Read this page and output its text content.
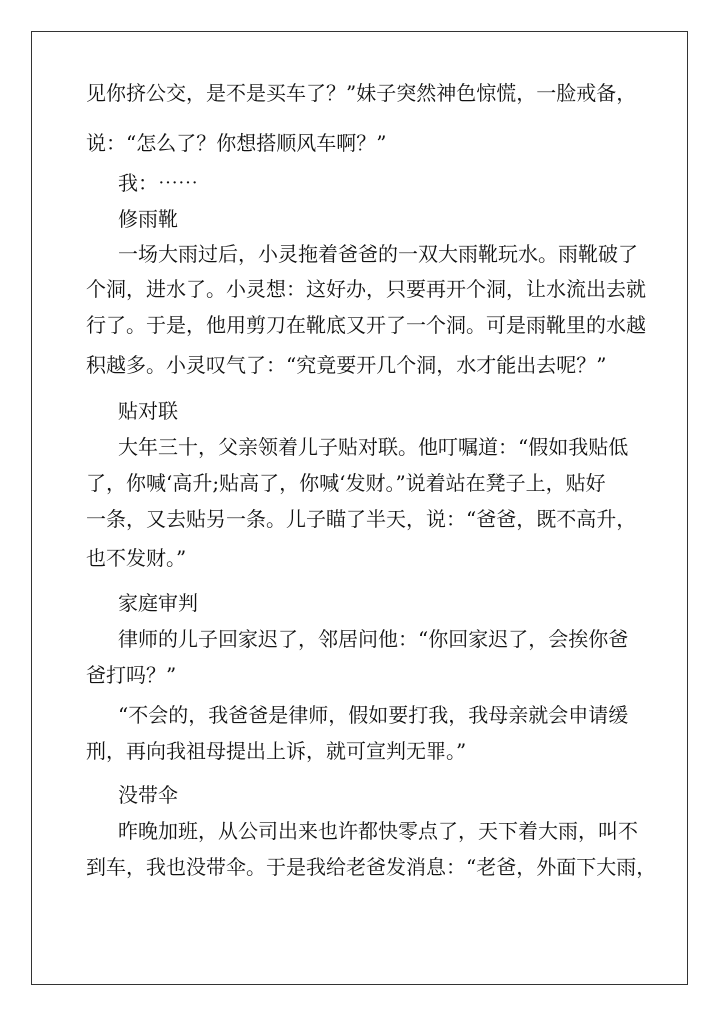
见你挤公交，是不是买车了？”妹子突然神色惊慌，一脸戒备，
说：“怎么了？你想搭顺风车啊？”
我：⋯⋯
修雨靴
一场大雨过后，小灵拖着爸爸的一双大雨靴玩水。雨靴破了
个洞，进水了。小灵想：这好办，只要再开个洞，让水流出去就
行了。于是，他用剪刀在靴底又开了一个洞。可是雨靴里的水越
积越多。小灵叹气了：“究竟要开几个洞，水才能出去呢？”
贴对联
大年三十，父亲领着儿子贴对联。他叮嘱道：“假如我贴低
了，你喊‘高升;贴高了，你喊‘发财。”说着站在凳子上，贴好
一条，又去贴另一条。儿子瞄了半天，说：“爸爸，既不高升，
也不发财。”
家庭审判
律师的儿子回家迟了，邻居问他：“你回家迟了，会挨你爸
爸打吗？”
“不会的，我爸爸是律师，假如要打我，我母亲就会申请缓
刑，再向我祖母提出上诉，就可宣判无罪。”
没带伞
昨晚加班，从公司出来也许都快零点了，天下着大雨，叫不
到车，我也没带伞。于是我给老爸发消息：“老爸，外面下大雨，
